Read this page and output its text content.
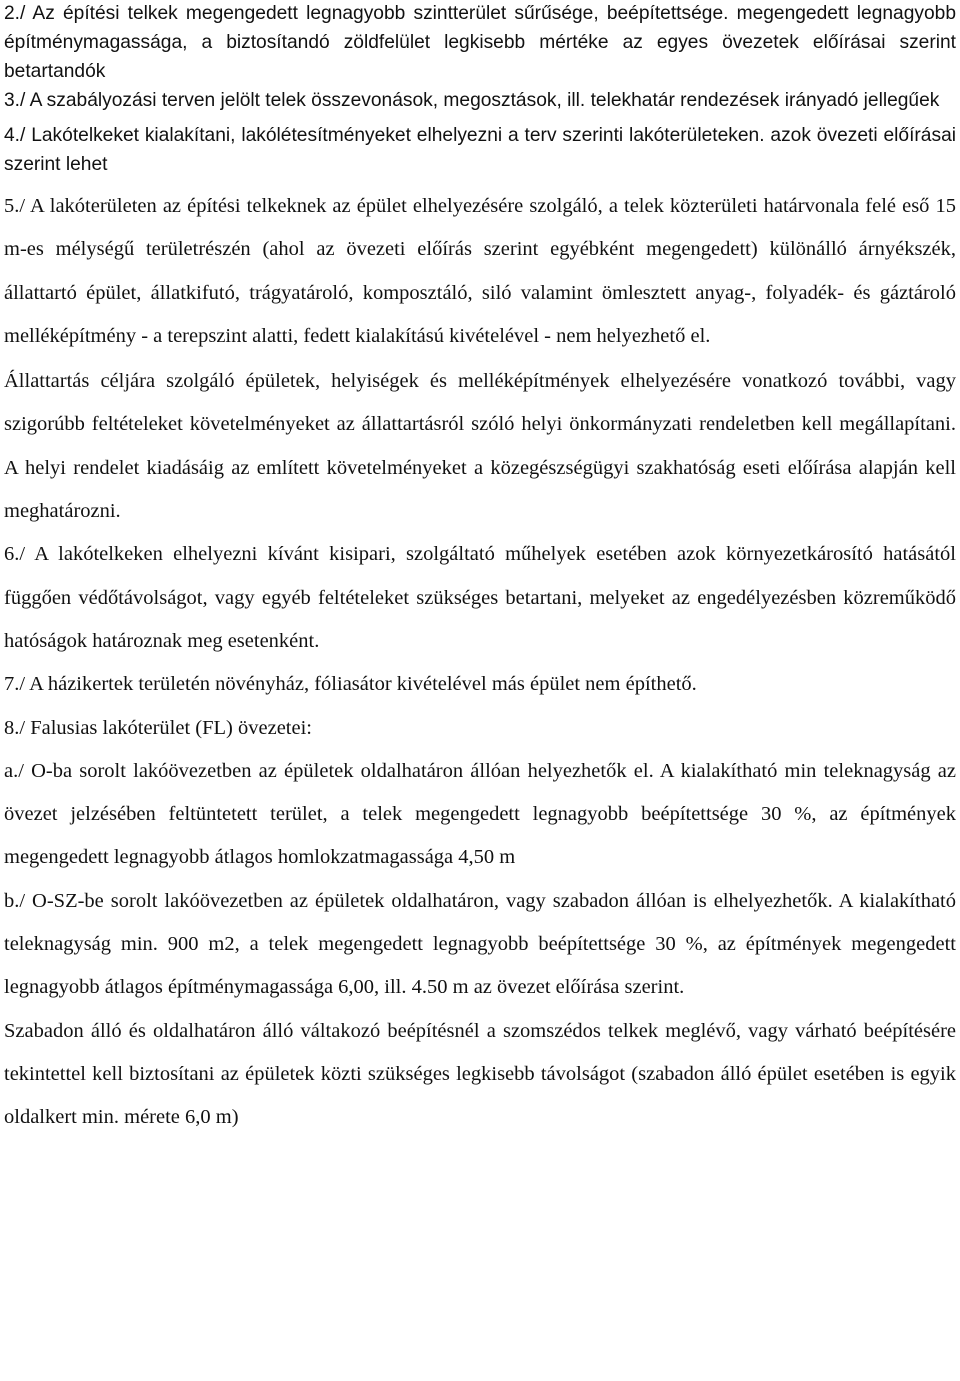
2./ Az építési telkek megengedett legnagyobb szintterület sűrűsége, beépítettsége. megengedett legnagyobb építménymagassága, a biztosítandó zöldfelület legkisebb mértéke az egyes övezetek előírásai szerint betartandók

3./ A szabályozási terven jelölt telek összevonások, megosztások, ill. telekhatár rendezések irányadó jellegűek

4./ Lakótelkeket kialakítani, lakólétesítményeket elhelyezni a terv szerinti lakóterületeken. azok övezeti előírásai szerint lehet

5./ A lakóterületen az építési telkeknek az épület elhelyezésére szolgáló, a telek közterületi határvonala felé eső 15 m-es mélységű területrészén (ahol az övezeti előírás szerint egyébként megengedett) különálló árnyékszék, állattartó épület, állatkifutó, trágyatároló, komposztáló, siló valamint ömlesztett anyag-, folyadék- és gáztároló melléképítmény - a terepszint alatti, fedett kialakítású kivételével - nem helyezhető el.

Állattartás céljára szolgáló épületek, helyiségek és melléképítmények elhelyezésére vonatkozó további, vagy szigorúbb feltételeket követelményeket az állattartásról szóló helyi önkormányzati rendeletben kell megállapítani. A helyi rendelet kiadásáig az említett követelményeket a közegészségügyi szakhatóság eseti előírása alapján kell meghatározni.

6./ A lakótelkeken elhelyezni kívánt kisipari, szolgáltató műhelyek esetében azok környezetkárosító hatásától függően védőtávolságot, vagy egyéb feltételeket szükséges betartani, melyeket az engedélyezésben közreműködő hatóságok határoznak meg esetenként.

7./ A házikertek területén növényház, fóliasátor kivételével más épület nem építhető.

8./ Falusias lakóterület (FL) övezetei:

a./ O-ba sorolt lakóövezetben az épületek oldalhatáron állóan helyezhetők el. A kialakítható min teleknagyság az övezet jelzésében feltüntetett terület, a telek megengedett legnagyobb beépítettsége 30 %, az építmények megengedett legnagyobb átlagos homlokzatmagassága 4,50 m

b./ O-SZ-be sorolt lakóövezetben az épületek oldalhatáron, vagy szabadon állóan is elhelyezhetők. A kialakítható teleknagyság min. 900 m2, a telek megengedett legnagyobb beépítettsége 30 %, az építmények megengedett legnagyobb átlagos építménymagassága 6,00, ill. 4.50 m az övezet előírása szerint.

Szabadon álló és oldalhatáron álló váltakozó beépítésnél a szomszédos telkek meglévő, vagy várható beépítésére tekintettel kell biztosítani az épületek közti szükséges legkisebb távolságot (szabadon álló épület esetében is egyik oldalkert min. mérete 6,0 m)
